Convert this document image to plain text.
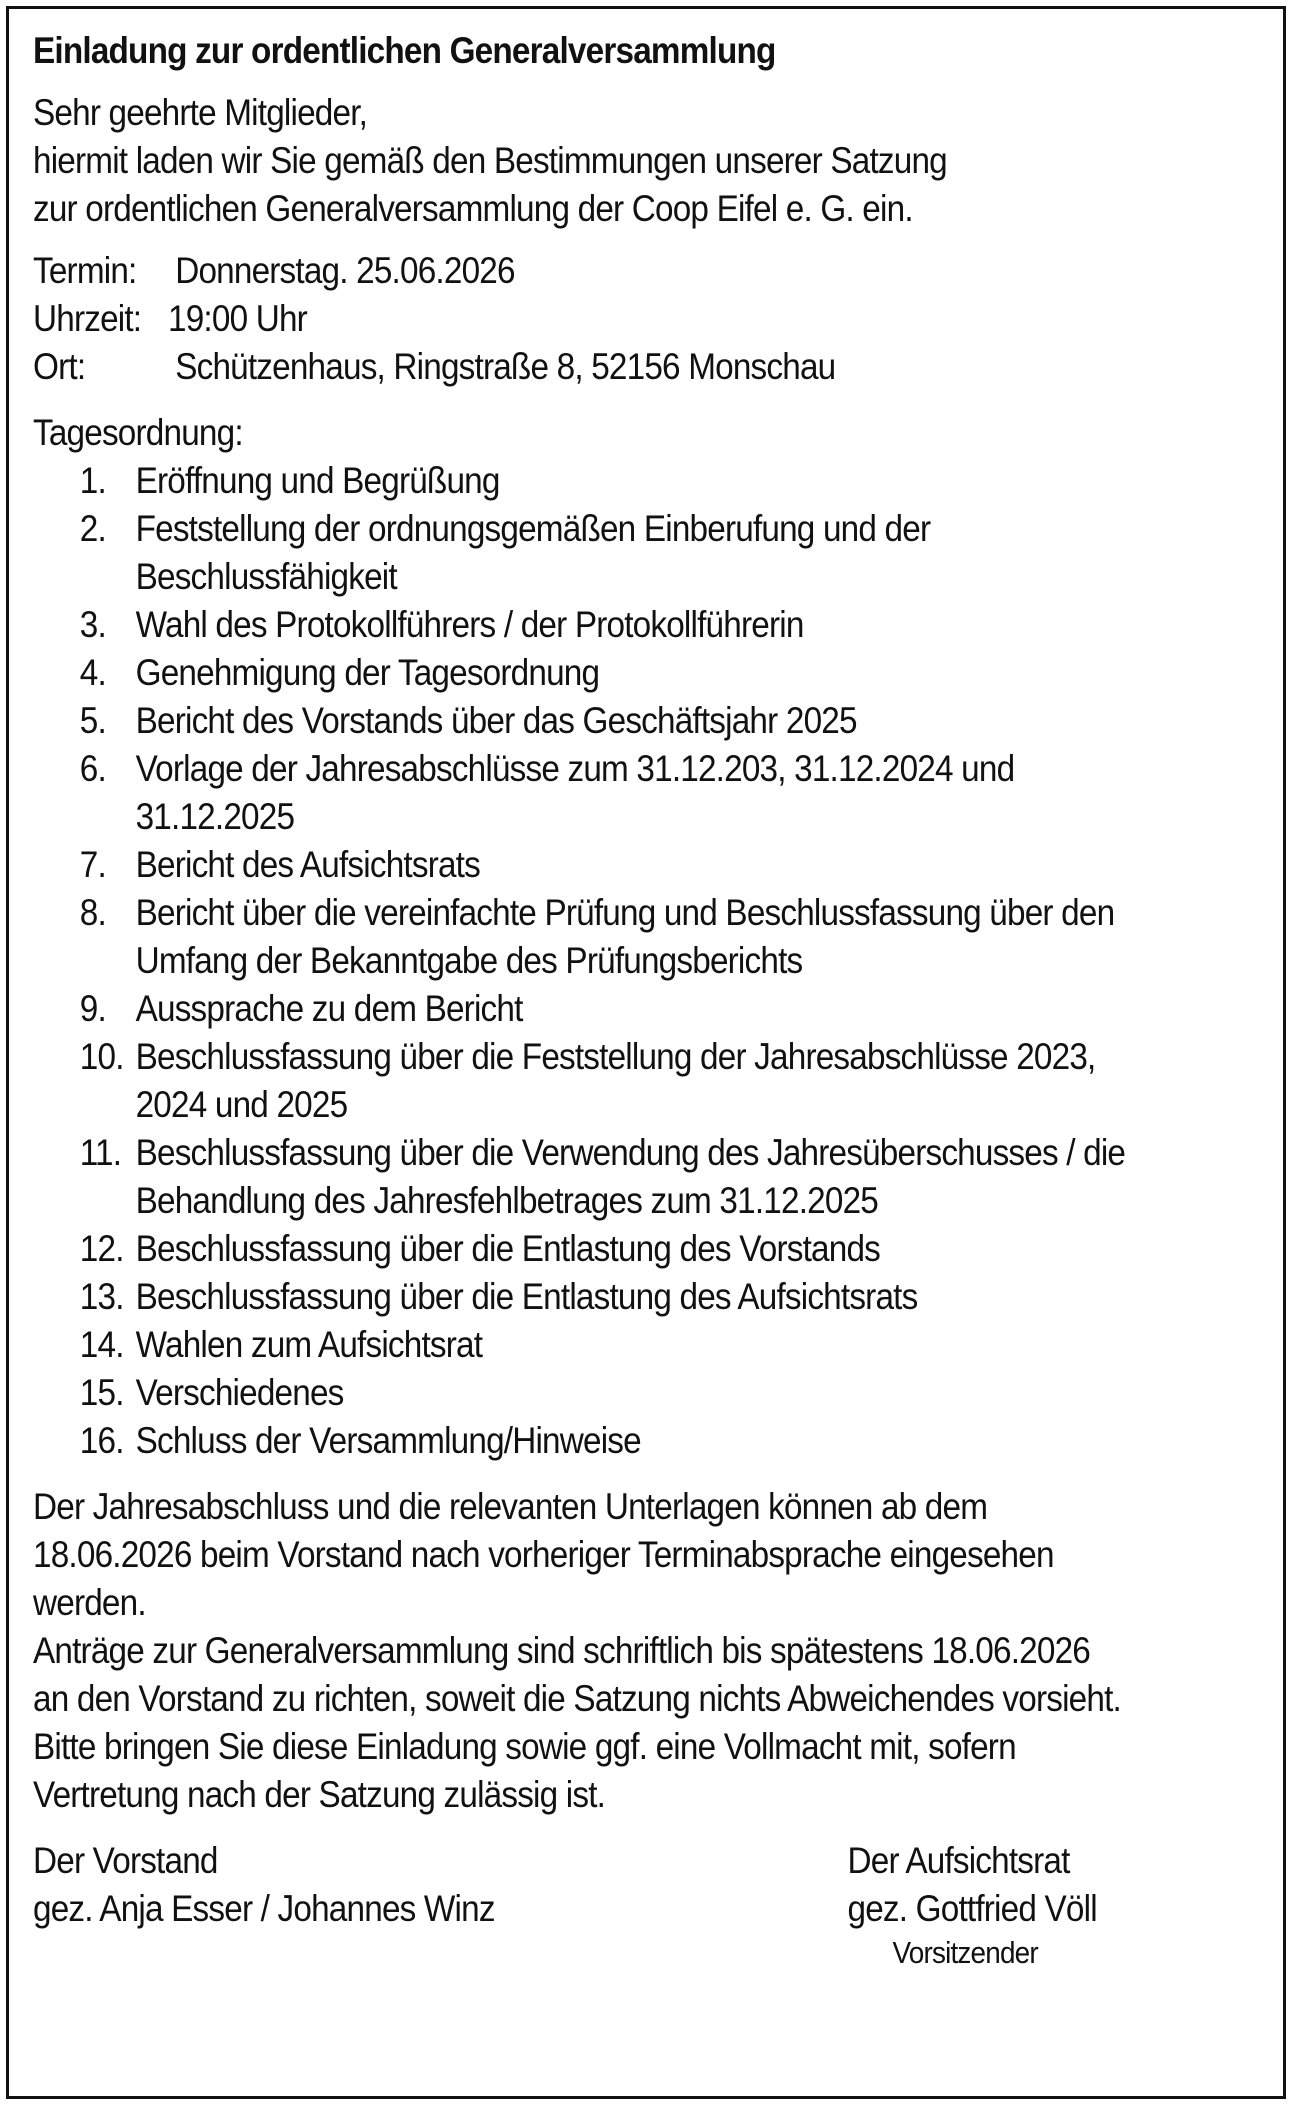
Einladung zur ordentlichen Generalversammlung

Sehr geehrte Mitglieder,

hiermit laden wir Sie gemäß den Bestimmungen unserer Satzung

zur ordentlichen Generalversammlung der Coop Eifel e. G. ein.

Termin:	Donnerstag. 25.06.2026
Uhrzeit: 19:00 Uhr
Ort:	Schützenhaus, Ringstraße 8, 52156 Monschau
Tagesordnung:
1. Eröffnung und Begrüßung
2. Feststellung der ordnungsgemäßen Einberufung und der Beschlussfähigkeit
3. Wahl des Protokollführers / der Protokollführerin
4. Genehmigung der Tagesordnung
5. Bericht des Vorstands über das Geschäftsjahr 2025
6. Vorlage der Jahresabschlüsse zum 31.12.203, 31.12.2024 und 31.12.2025
7. Bericht des Aufsichtsrats
8. Bericht über die vereinfachte Prüfung und Beschlussfassung über den Umfang der Bekanntgabe des Prüfungsberichts
9. Aussprache zu dem Bericht
10. Beschlussfassung über die Feststellung der Jahresabschlüsse 2023, 2024 und 2025
11. Beschlussfassung über die Verwendung des Jahresüberschusses / die Behandlung des Jahresfehlbetrages zum 31.12.2025
12. Beschlussfassung über die Entlastung des Vorstands
13. Beschlussfassung über die Entlastung des Aufsichtsrats
14. Wahlen zum Aufsichtsrat
15. Verschiedenes
16. Schluss der Versammlung/Hinweise

Der Jahresabschluss und die relevanten Unterlagen können ab dem 18.06.2026 beim Vorstand nach vorheriger Terminabsprache eingesehen werden.

Anträge zur Generalversammlung sind schriftlich bis spätestens 18.06.2026 an den Vorstand zu richten, soweit die Satzung nichts Abweichendes vorsieht.

Bitte bringen Sie diese Einladung sowie ggf. eine Vollmacht mit, sofern Vertretung nach der Satzung zulässig ist.

Der Vorstand
gez. Anja Esser / Johannes Winz
Der Aufsichtsrat
gez. Gottfried Völl
Vorsitzender
